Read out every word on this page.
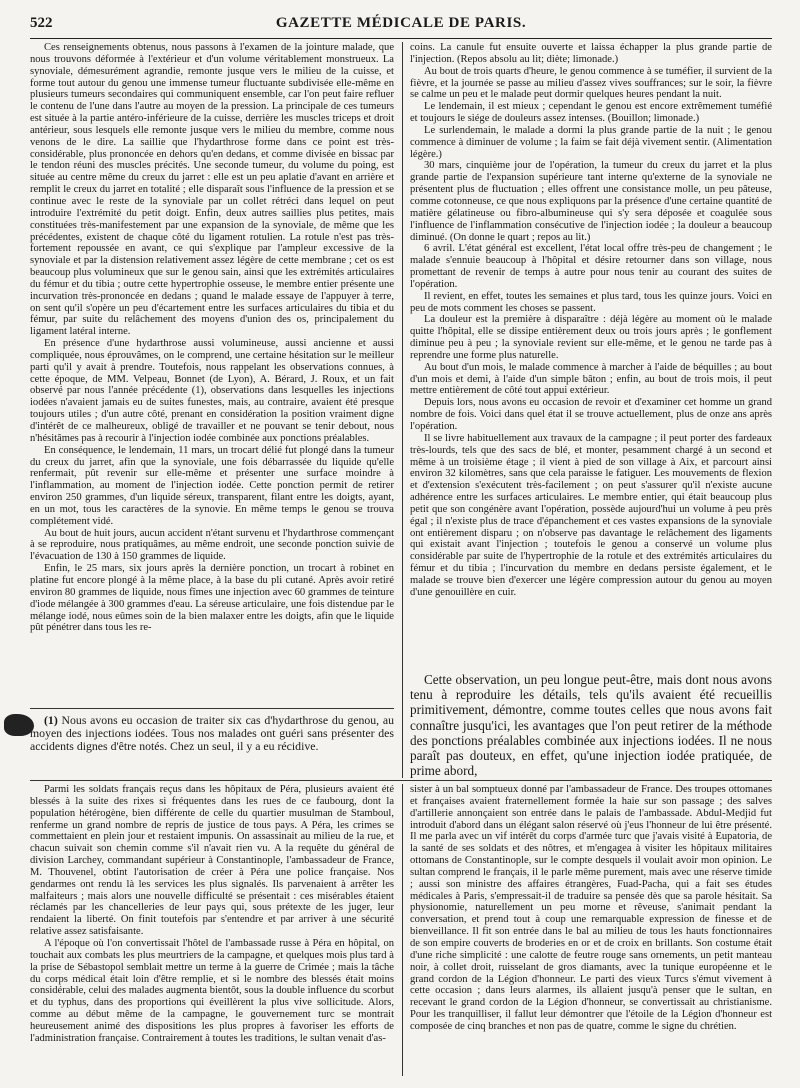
522	GAZETTE MÉDICALE DE PARIS.

Ces renseignements obtenus, nous passons à l'examen de la jointure malade, que nous trouvons déformée à l'extérieur et d'un volume véritablement monstrueux. La synoviale, démesurément agrandie, remonte jusque vers le milieu de la cuisse, et forme tout autour du genou une immense tumeur fluctuante subdivisée elle-même en plusieurs tumeurs secondaires qui communiquent ensemble, car l'on peut faire refluer le contenu de l'une dans l'autre au moyen de la pression. La principale de ces tumeurs est située à la partie antéro-inférieure de la cuisse, derrière les muscles triceps et droit antérieur, sous lesquels elle remonte jusque vers le milieu du membre, comme nous venons de le dire. La saillie que l'hydarthrose forme dans ce point est très-considérable, plus prononcée en dehors qu'en dedans, et comme divisée en bissac par le tendon réuni des muscles précités. Une seconde tumeur, du volume du poing, est située au centre même du creux du jarret : elle est un peu aplatie d'avant en arrière et remplit le creux du jarret en totalité ; elle disparaît sous l'influence de la pression et se continue avec le reste de la synoviale par un collet rétréci dans lequel on peut introduire l'extrémité du petit doigt. Enfin, deux autres saillies plus petites, mais constituées très-manifestement par une expansion de la synoviale, de même que les précédentes, existent de chaque côté du ligament rotulien. La rotule n'est pas très-fortement repoussée en avant, ce qui s'explique par l'ampleur excessive de la synoviale et par la distension relativement assez légère de cette membrane ; cet os est beaucoup plus volumineux que sur le genou sain, ainsi que les extrémités articulaires du fémur et du tibia ; outre cette hypertrophie osseuse, le membre entier présente une incurvation très-prononcée en dedans ; quand le malade essaye de l'appuyer à terre, on sent qu'il s'opère un peu d'écartement entre les surfaces articulaires du tibia et du fémur, par suite du relâchement des moyens d'union des os, principalement du ligament latéral interne.

En présence d'une hydarthrose aussi volumineuse, aussi ancienne et aussi compliquée, nous éprouvâmes, on le comprend, une certaine hésitation sur le meilleur parti qu'il y avait à prendre. Toutefois, nous rappelant les observations connues, à cette époque, de MM. Velpeau, Bonnet (de Lyon), A. Bérard, J. Roux, et un fait observé par nous l'année précédente (1), observations dans lesquelles les injections iodées n'avaient jamais eu de suites funestes, mais, au contraire, avaient été presque toujours utiles ; d'un autre côté, prenant en considération la position vraiment digne d'intérêt de ce malheureux, obligé de travailler et ne pouvant se tenir debout, nous n'hésitâmes pas à recourir à l'injection iodée combinée aux ponctions préalables.

En conséquence, le lendemain, 11 mars, un trocart délié fut plongé dans la tumeur du creux du jarret, afin que la synoviale, une fois débarrassée du liquide qu'elle renfermait, pût revenir sur elle-même et présenter une surface moindre à l'inflammation, au moment de l'injection iodée. Cette ponction permit de retirer environ 250 grammes, d'un liquide séreux, transparent, filant entre les doigts, ayant, en un mot, tous les caractères de la synovie. En même temps le genou se trouva complétement vidé.

Au bout de huit jours, aucun accident n'étant survenu et l'hydarthrose commençant à se reproduire, nous pratiquâmes, au même endroit, une seconde ponction suivie de l'évacuation de 130 à 150 grammes de liquide.

Enfin, le 25 mars, six jours après la dernière ponction, un trocart à robinet en platine fut encore plongé à la même place, à la base du pli cutané. Après avoir retiré environ 80 grammes de liquide, nous fîmes une injection avec 60 grammes de teinture d'iode mélangée à 300 grammes d'eau. La séreuse articulaire, une fois distendue par le mélange iodé, nous eûmes soin de la bien malaxer entre les doigts, afin que le liquide pût pénétrer dans tous les re-

(1) Nous avons eu occasion de traiter six cas d'hydarthrose du genou, au moyen des injections iodées. Tous nos malades ont guéri sans présenter des accidents dignes d'être notés. Chez un seul, il y a eu récidive.

coins. La canule fut ensuite ouverte et laissa échapper la plus grande partie de l'injection. (Repos absolu au lit; diète; limonade.)

Au bout de trois quarts d'heure, le genou commence à se tuméfier, il survient de la fièvre, et la journée se passe au milieu d'assez vives souffrances; sur le soir, la fièvre se calme un peu et le malade peut dormir quelques heures pendant la nuit.

Le lendemain, il est mieux ; cependant le genou est encore extrêmement tuméfié et toujours le siége de douleurs assez intenses. (Bouillon; limonade.)

Le surlendemain, le malade a dormi la plus grande partie de la nuit ; le genou commence à diminuer de volume ; la faim se fait déjà vivement sentir. (Alimentation légère.)

30 mars, cinquième jour de l'opération, la tumeur du creux du jarret et la plus grande partie de l'expansion supérieure tant interne qu'externe de la synoviale ne présentent plus de fluctuation ; elles offrent une consistance molle, un peu pâteuse, comme cotonneuse, ce que nous expliquons par la présence d'une certaine quantité de matière gélatineuse ou fibro-albumineuse qui s'y sera déposée et coagulée sous l'influence de l'inflammation consécutive de l'injection iodée ; la douleur a beaucoup diminué. (On donne le quart ; repos au lit.)

6 avril. L'état général est excellent, l'état local offre très-peu de changement ; le malade s'ennuie beaucoup à l'hôpital et désire retourner dans son village, nous promettant de revenir de temps à autre pour nous tenir au courant des suites de l'opération.

Il revient, en effet, toutes les semaines et plus tard, tous les quinze jours. Voici en peu de mots comment les choses se passent.

La douleur est la première à disparaître : déjà légère au moment où le malade quitte l'hôpital, elle se dissipe entièrement deux ou trois jours après ; le gonflement diminue peu à peu ; la synoviale revient sur elle-même, et le genou ne tarde pas à reprendre une forme plus naturelle.

Au bout d'un mois, le malade commence à marcher à l'aide de béquilles ; au bout d'un mois et demi, à l'aide d'un simple bâton ; enfin, au bout de trois mois, il peut mettre entièrement de côté tout appui extérieur.

Depuis lors, nous avons eu occasion de revoir et d'examiner cet homme un grand nombre de fois. Voici dans quel état il se trouve actuellement, plus de onze ans après l'opération.

Il se livre habituellement aux travaux de la campagne ; il peut porter des fardeaux très-lourds, tels que des sacs de blé, et monter, pesamment chargé à un second et même à un troisième étage ; il vient à pied de son village à Aix, et parcourt ainsi environ 32 kilomètres, sans que cela paraisse le fatiguer. Les mouvements de flexion et d'extension s'exécutent très-facilement ; on peut s'assurer qu'il n'existe aucune adhérence entre les surfaces articulaires. Le membre entier, qui était beaucoup plus petit que son congénère avant l'opération, possède aujourd'hui un volume à peu près égal ; il n'existe plus de trace d'épanchement et ces vastes expansions de la synoviale ont entièrement disparu ; on n'observe pas davantage le relâchement des ligaments qui existait avant l'injection ; toutefois le genou a conservé un volume plus considérable par suite de l'hypertrophie de la rotule et des extrémités articulaires du fémur et du tibia ; l'incurvation du membre en dedans persiste également, et le malade se trouve bien d'exercer une légère compression autour du genou au moyen d'une genouillère en cuir.

Cette observation, un peu longue peut-être, mais dont nous avons tenu à reproduire les détails, tels qu'ils avaient été recueillis primitivement, démontre, comme toutes celles que nous avons fait connaître jusqu'ici, les avantages que l'on peut retirer de la méthode des ponctions préalables combinée aux injections iodées. Il ne nous paraît pas douteux, en effet, qu'une injection iodée pratiquée, de prime abord,

Parmi les soldats français reçus dans les hôpitaux de Péra, plusieurs avaient été blessés à la suite des rixes si fréquentes dans les rues de ce faubourg, dont la population hétérogène, bien différente de celle du quartier musulman de Stamboul, renferme un grand nombre de repris de justice de tous pays. A Péra, les crimes se commettaient en plein jour et restaient impunis. On assassinait au milieu de la rue, et chacun suivait son chemin comme s'il n'avait rien vu. A la requête du général de division Larchey, commandant supérieur à Constantinople, l'ambassadeur de France, M. Thouvenel, obtint l'autorisation de créer à Péra une police française. Nos gendarmes ont rendu là les services les plus signalés. Ils parvenaient à arrêter les malfaiteurs ; mais alors une nouvelle difficulté se présentait : ces misérables étaient réclamés par les chancelleries de leur pays qui, sous prétexte de les juger, leur rendaient la liberté. On finit toutefois par s'entendre et par arriver à une sécurité relative assez satisfaisante.

A l'époque où l'on convertissait l'hôtel de l'ambassade russe à Péra en hôpital, on touchait aux combats les plus meurtriers de la campagne, et quelques mois plus tard à la prise de Sébastopol semblait mettre un terme à la guerre de Crimée ; mais la tâche du corps médical était loin d'être remplie, et si le nombre des blessés était moins considérable, celui des malades augmenta bientôt, sous la double influence du scorbut et du typhus, dans des proportions qui éveillèrent la plus vive sollicitude. Alors, comme au début même de la campagne, le gouvernement turc se montrait heureusement animé des dispositions les plus propres à favoriser les efforts de l'administration française. Contrairement à toutes les traditions, le sultan venait d'as-

sister à un bal somptueux donné par l'ambassadeur de France. Des troupes ottomanes et françaises avaient fraternellement formée la haie sur son passage ; des salves d'artillerie annonçaient son entrée dans le palais de l'ambassade. Abdul-Medjid fut introduit d'abord dans un élégant salon réservé où j'eus l'honneur de lui être présenté. Il me parla avec un vif intérêt du corps d'armée turc que j'avais visité à Eupatoria, de la santé de ses soldats et des nôtres, et m'engagea à visiter les hôpitaux militaires ottomans de Constantinople, sur le compte desquels il voulait avoir mon opinion. Le sultan comprend le français, il le parle même purement, mais avec une réserve timide ; aussi son ministre des affaires étrangères, Fuad-Pacha, qui a fait ses études médicales à Paris, s'empressait-il de traduire sa pensée dès que sa parole hésitait. Sa physionomie, naturellement un peu morne et rêveuse, s'animait pendant la conversation, et prend tout à coup une remarquable expression de finesse et de bienveillance. Il fit son entrée dans le bal au milieu de tous les hauts fonctionnaires de son empire couverts de broderies en or et de croix en brillants. Son costume était d'une riche simplicité : une calotte de feutre rouge sans ornements, un petit manteau noir, à collet droit, ruisselant de gros diamants, avec la tunique européenne et le grand cordon de la Légion d'honneur. Le parti des vieux Turcs s'émut vivement à cette occasion ; dans leurs alarmes, ils allaient jusqu'à penser que le sultan, en recevant le grand cordon de la Légion d'honneur, se convertissait au christianisme. Pour les tranquilliser, il fallut leur démontrer que l'étoile de la Légion d'honneur est composée de cinq branches et non pas de quatre, comme le signe du chrétien.
